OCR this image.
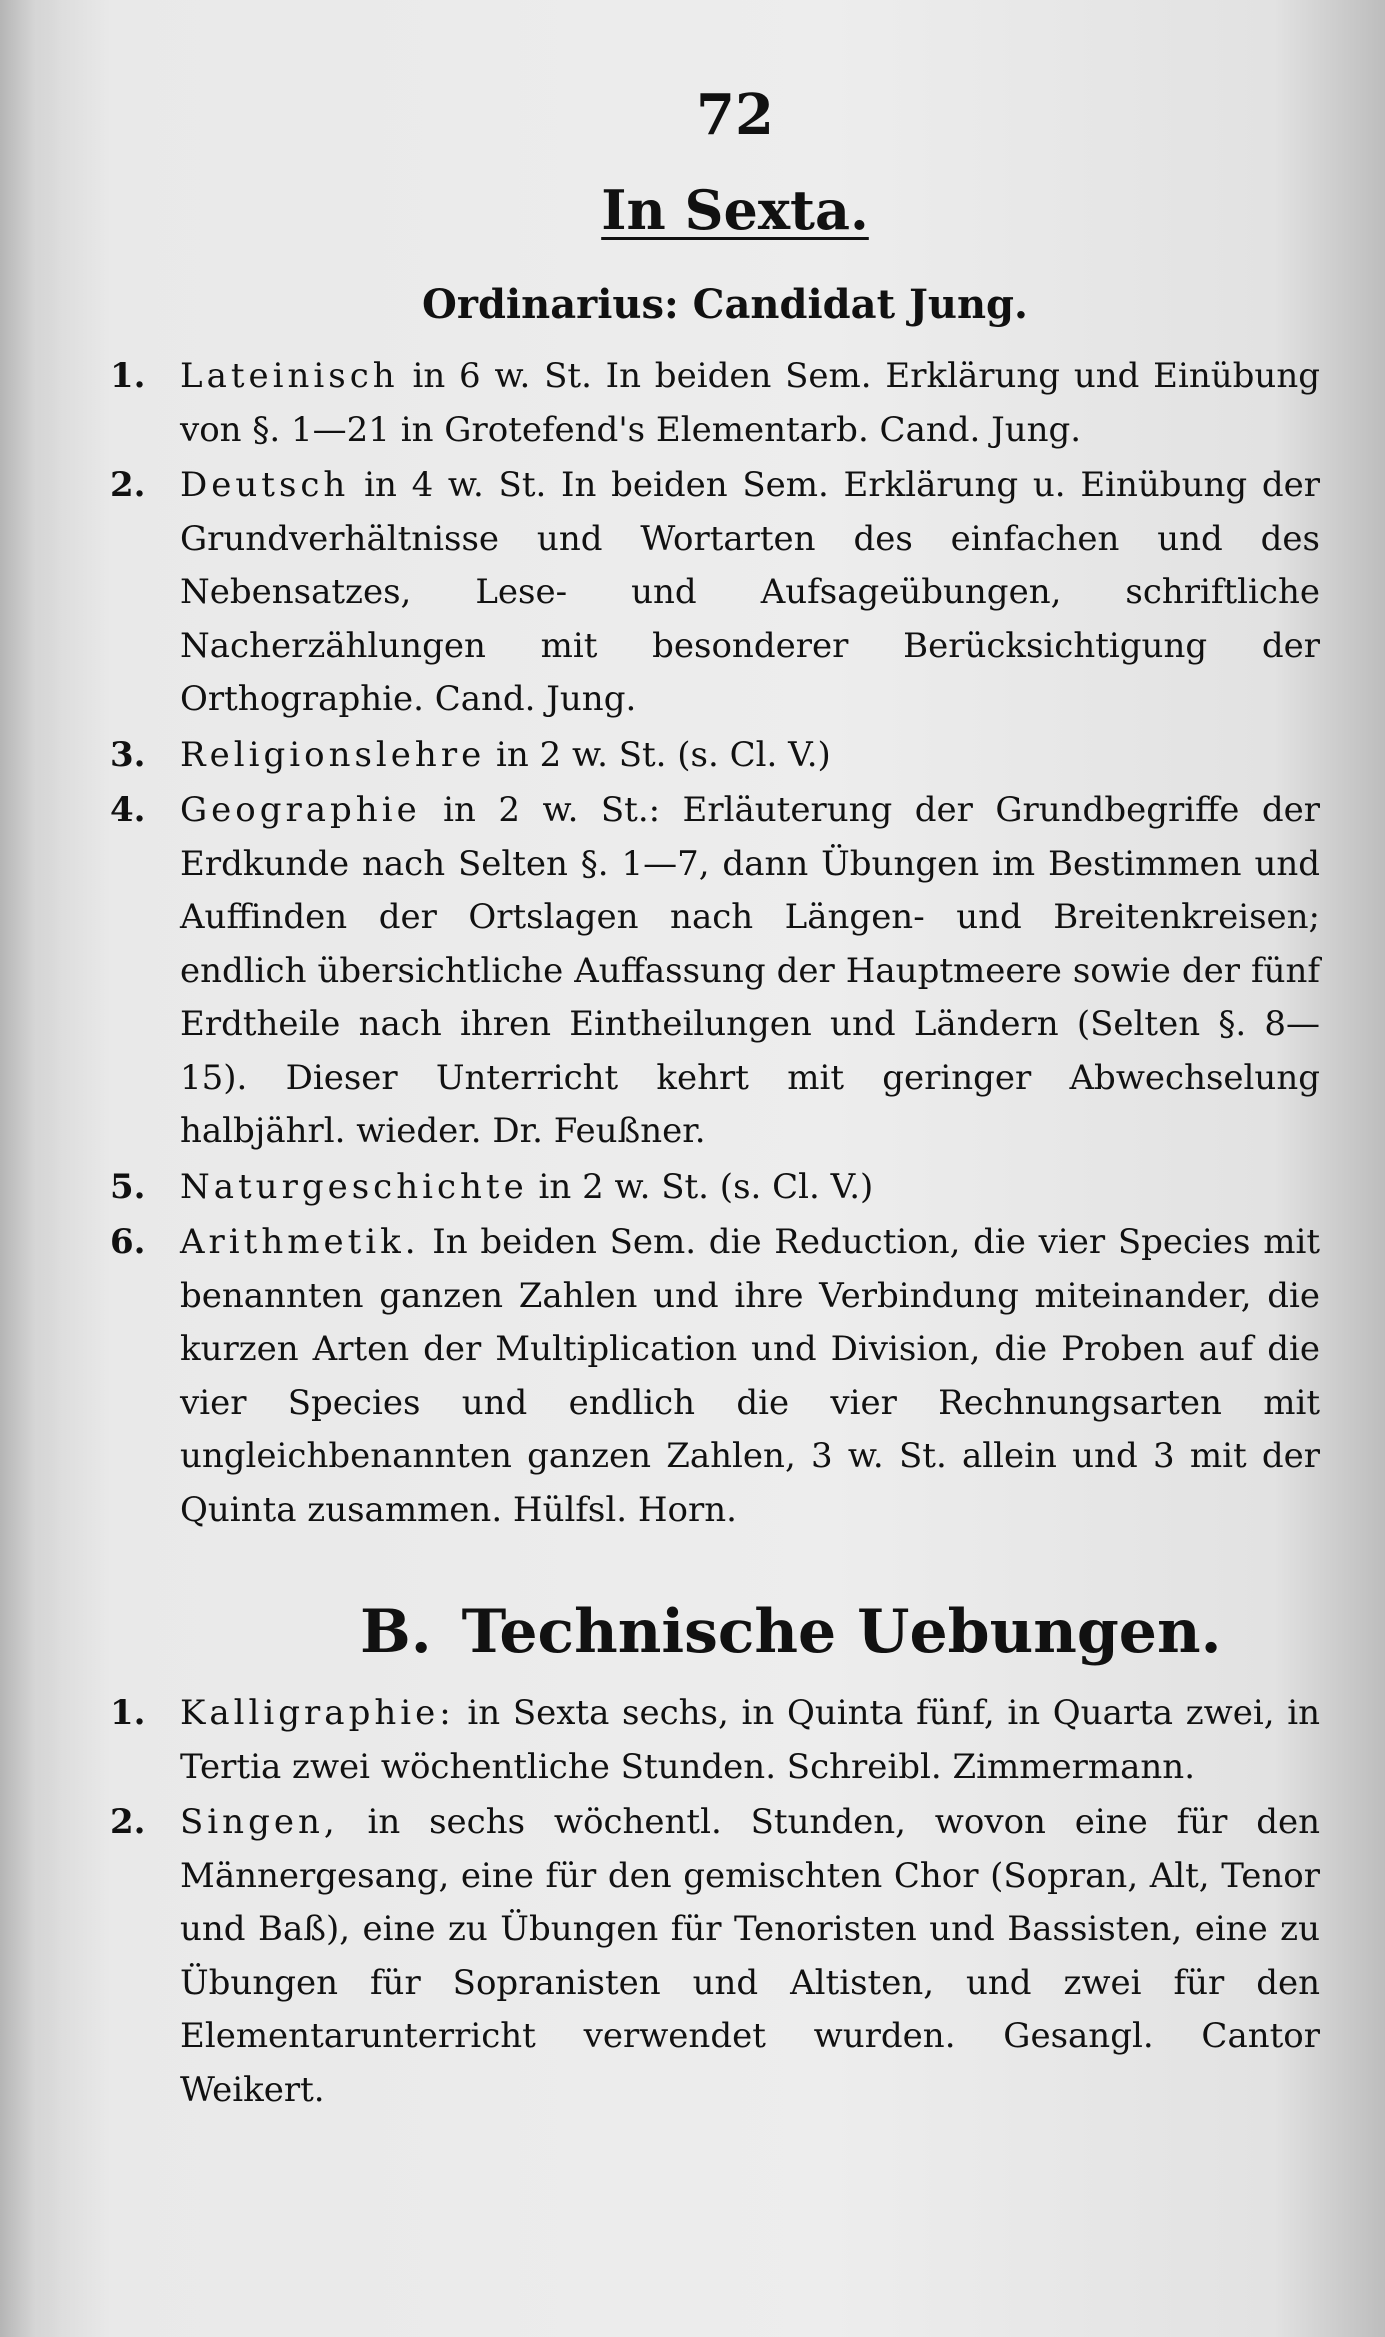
72
In Sexta.
Ordinarius: Candidat Jung.
1. Lateinisch in 6 w. St. In beiden Sem. Erklärung und Einübung von §. 1—21 in Grotefend's Elementarb. Cand. Jung.
2. Deutsch in 4 w. St. In beiden Sem. Erklärung u. Einübung der Grundverhältnisse und Wortarten des einfachen und des Nebensatzes, Lese- und Aufsageübungen, schriftliche Nacherzählungen mit besonderer Berücksichtigung der Orthographie. Cand. Jung.
3. Religionslehre in 2 w. St. (s. Cl. V.)
4. Geographie in 2 w. St.: Erläuterung der Grundbegriffe der Erdkunde nach Selten §. 1—7, dann Übungen im Bestimmen und Auffinden der Ortslagen nach Längen- und Breitenkreisen; endlich übersichtliche Auffassung der Hauptmeere sowie der fünf Erdtheile nach ihren Eintheilungen und Ländern (Selten §. 8—15). Dieser Unterricht kehrt mit geringer Abwechselung halbjährl. wieder. Dr. Feußner.
5. Naturgeschichte in 2 w. St. (s. Cl. V.)
6. Arithmetik. In beiden Sem. die Reduction, die vier Species mit benannten ganzen Zahlen und ihre Verbindung miteinander, die kurzen Arten der Multiplication und Division, die Proben auf die vier Species und endlich die vier Rechnungsarten mit ungleichbenannten ganzen Zahlen, 3 w. St. allein und 3 mit der Quinta zusammen. Hülfsl. Horn.
B. Technische Uebungen.
1. Kalligraphie: in Sexta sechs, in Quinta fünf, in Quarta zwei, in Tertia zwei wöchentliche Stunden. Schreibl. Zimmermann.
2. Singen, in sechs wöchentl. Stunden, wovon eine für den Männergesang, eine für den gemischten Chor (Sopran, Alt, Tenor und Baß), eine zu Übungen für Tenoristen und Bassisten, eine zu Übungen für Sopranisten und Altisten, und zwei für den Elementarunterricht verwendet wurden. Gesangl. Cantor Weikert.
